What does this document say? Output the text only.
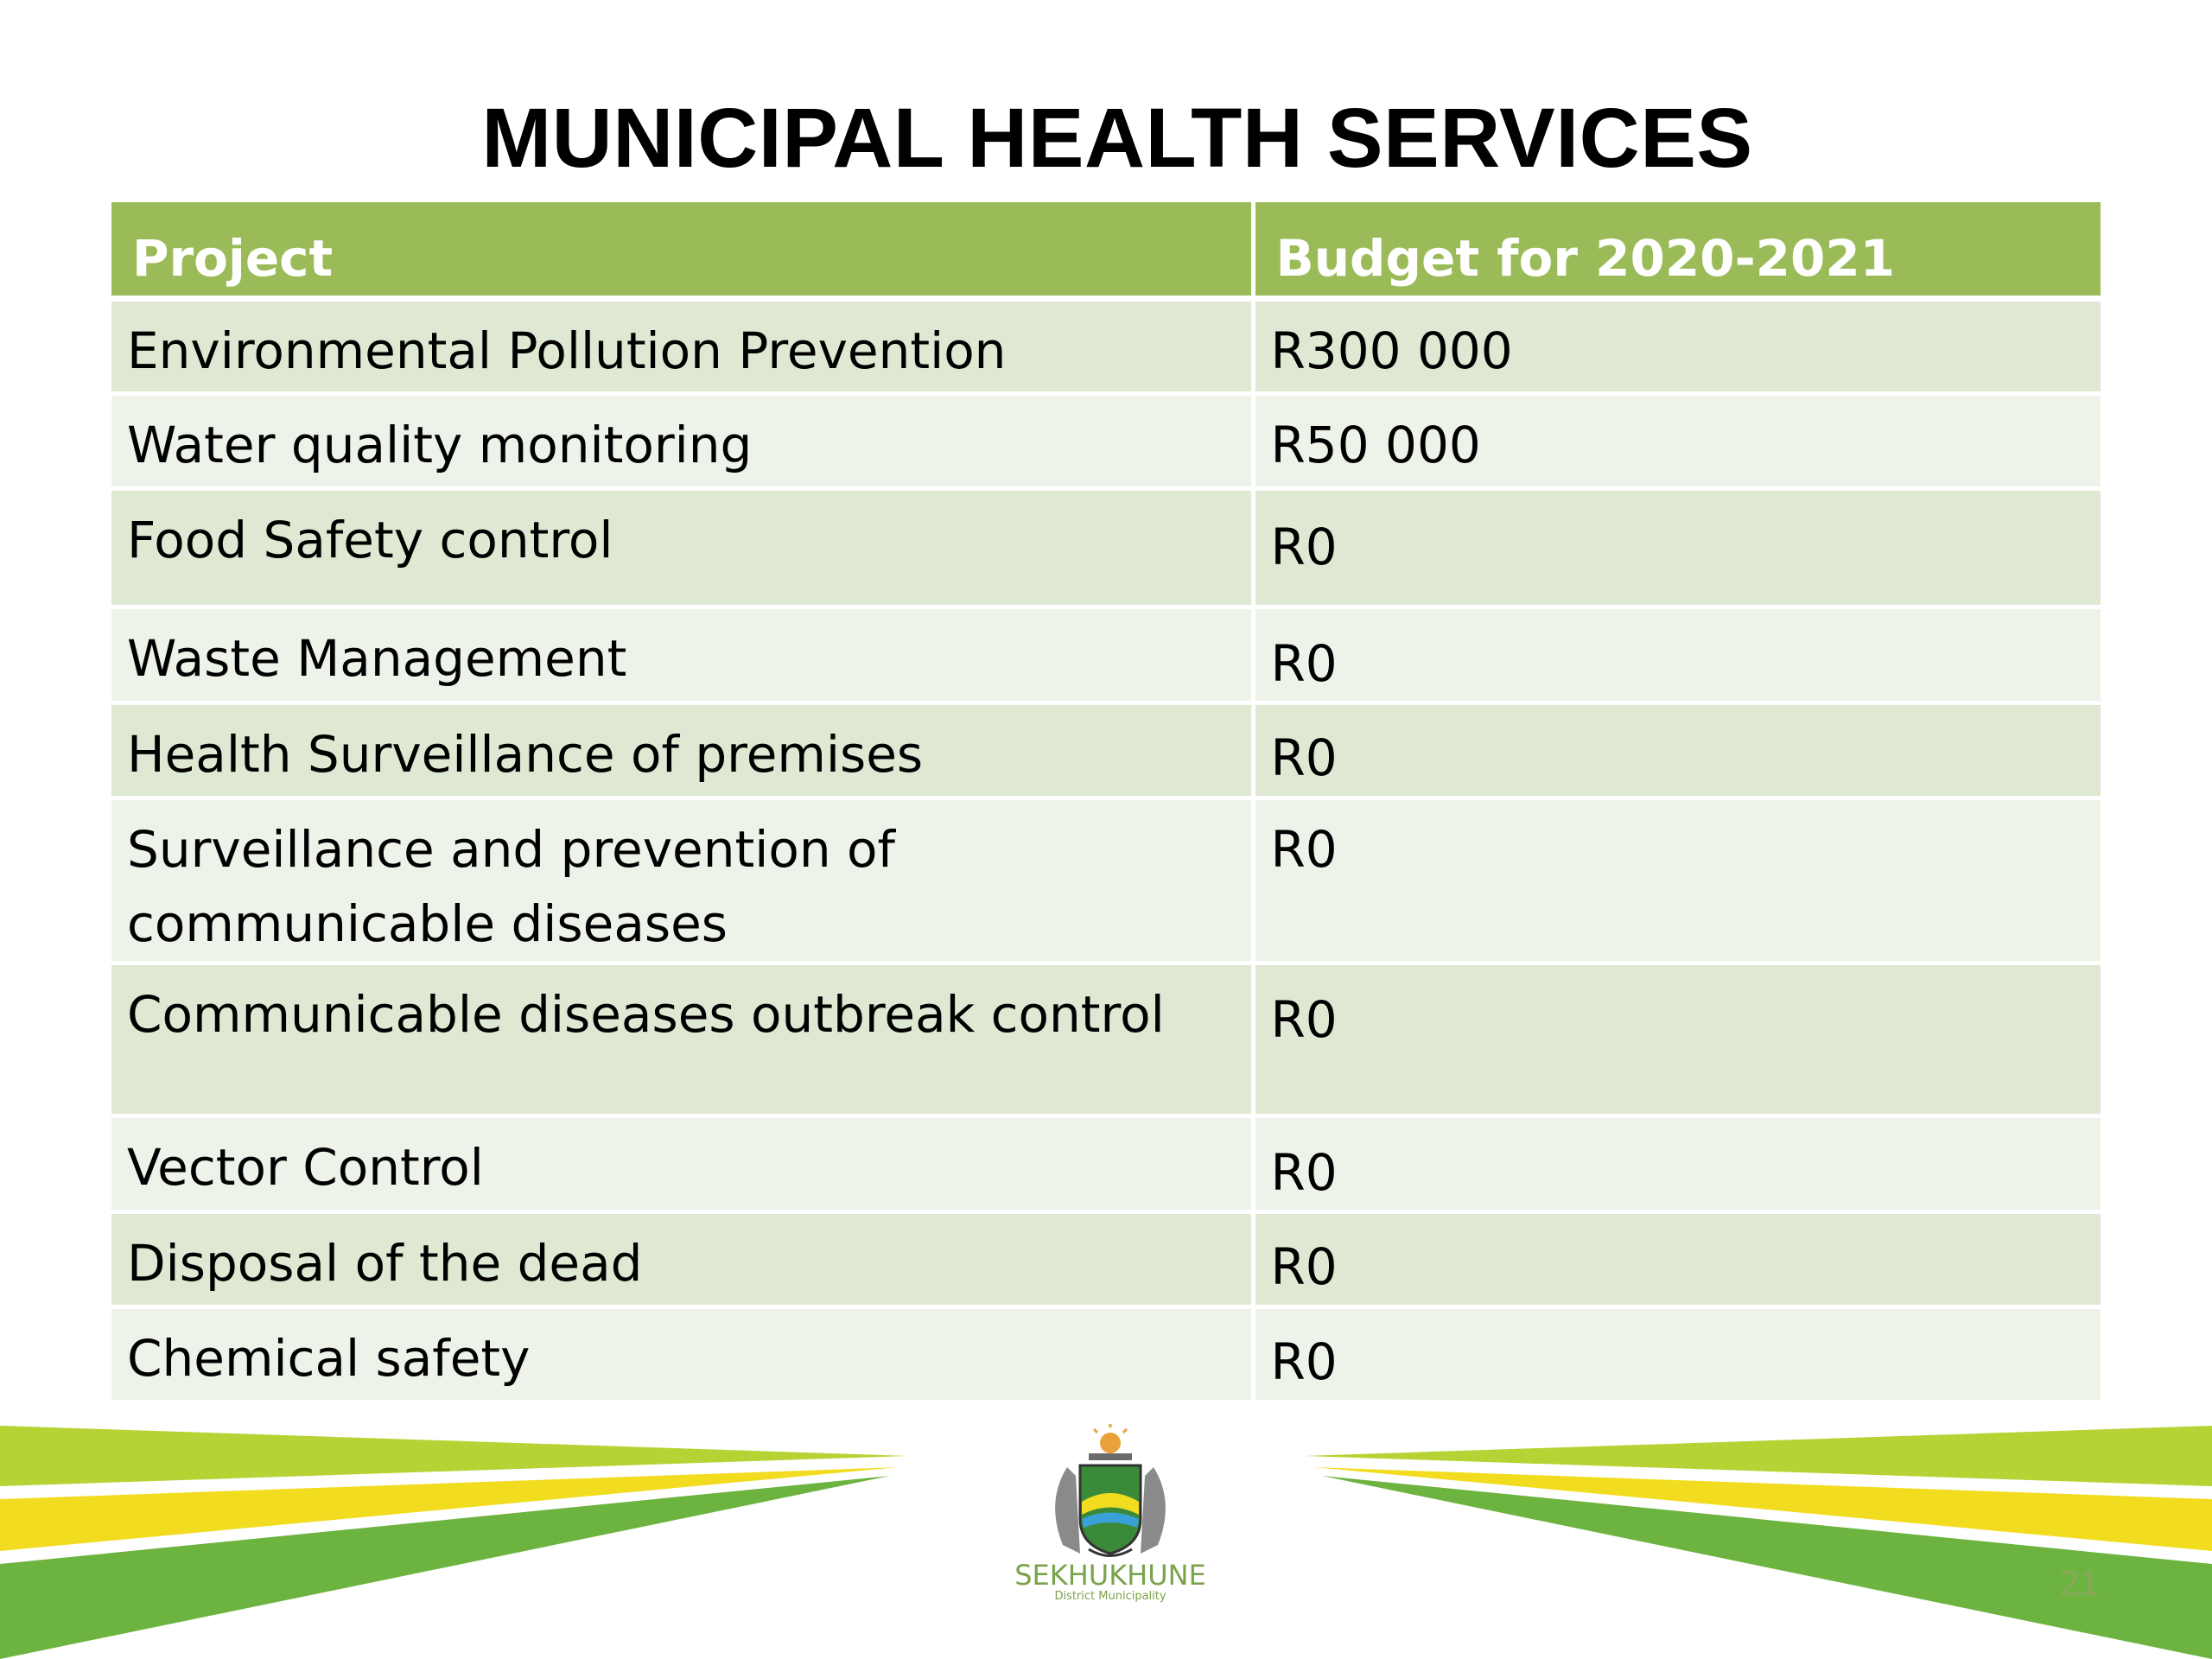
MUNICIPAL HEALTH SERVICES
Project	Budget for 2020-2021
Environmental Pollution Prevention	R300 000
Water quality monitoring	R50 000
Food Safety control	R0

Waste Management	R0

Health Surveillance of premises	R0

Surveillance and prevention of communicable diseases	R0
Communicable diseases outbreak control	R0

Vector Control	R0

Disposal of the dead	R0

Chemical safety	R0
SEKHUKHUNE
District Municipality	21
